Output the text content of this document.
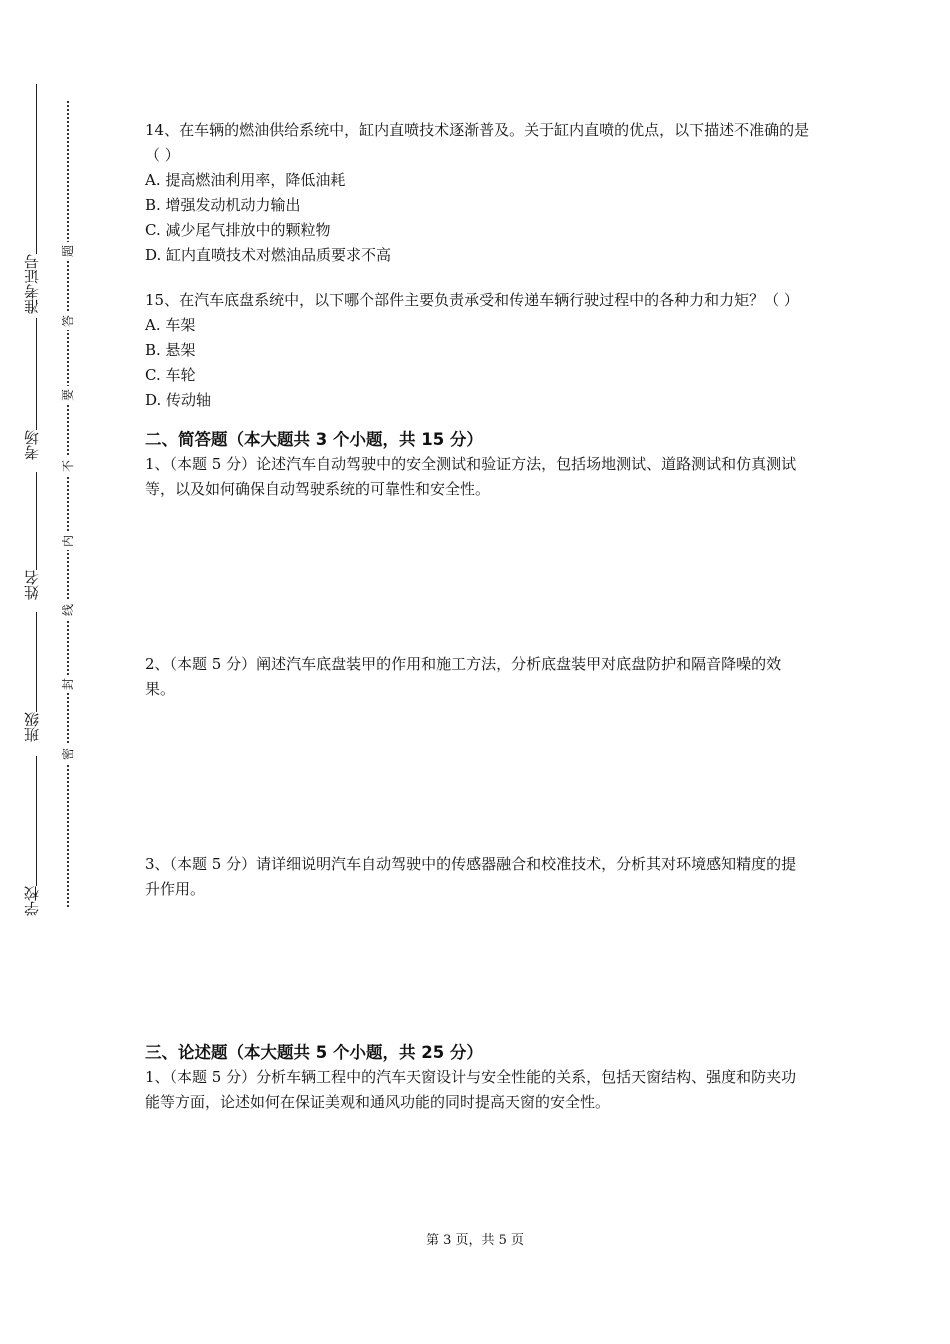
准考证号
考场
姓名
班级
学校
题
答
要
不
内
线
封
密

14、在车辆的燃油供给系统中，缸内直喷技术逐渐普及。关于缸内直喷的优点，以下描述不准确的是（ ）

A. 提高燃油利用率，降低油耗

B. 增强发动机动力输出

C. 减少尾气排放中的颗粒物

D. 缸内直喷技术对燃油品质要求不高

15、在汽车底盘系统中，以下哪个部件主要负责承受和传递车辆行驶过程中的各种力和力矩？（ ）

A. 车架

B. 悬架

C. 车轮

D. 传动轴

二、简答题（本大题共 3 个小题，共 15 分）

1、（本题 5 分）论述汽车自动驾驶中的安全测试和验证方法，包括场地测试、道路测试和仿真测试等，以及如何确保自动驾驶系统的可靠性和安全性。

2、（本题 5 分）阐述汽车底盘装甲的作用和施工方法，分析底盘装甲对底盘防护和隔音降噪的效果。

3、（本题 5 分）请详细说明汽车自动驾驶中的传感器融合和校准技术，分析其对环境感知精度的提升作用。

三、论述题（本大题共 5 个小题，共 25 分）

1、（本题 5 分）分析车辆工程中的汽车天窗设计与安全性能的关系，包括天窗结构、强度和防夹功能等方面，论述如何在保证美观和通风功能的同时提高天窗的安全性。

第 3 页，共 5 页
